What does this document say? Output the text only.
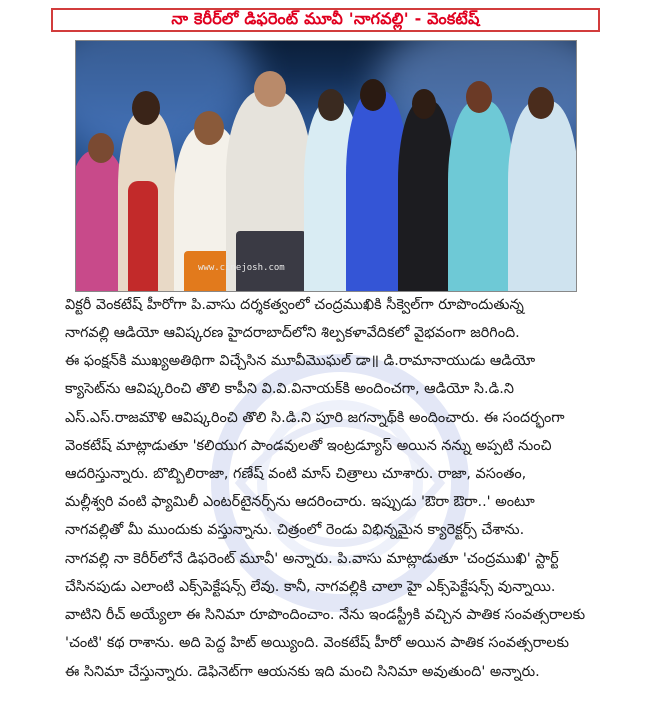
నా కెరీర్‌లో డిఫరెంట్ మూవీ 'నాగవల్లి' - వెంకటేష్
www.cinejosh.com
విక్టరీ వెంకటేష్ హీరోగా పి.వాసు దర్శకత్వంలో చంద్రముఖికి సీక్వెల్‌గా రూపొందుతున్న
నాగవల్లి ఆడియో ఆవిష్కరణ హైదరాబాద్‌లోని శిల్పకళావేదికలో వైభవంగా జరిగింది.
ఈ ఫంక్షన్‌కి ముఖ్యఅతిథిగా విచ్చేసిన మూవీమొఘల్ డా॥ డి.రామానాయుడు ఆడియో
క్యాసెట్‌ను ఆవిష్కరించి తొలి కాపీని వి.వి.వినాయక్‌కి అందించగా, ఆడియో సి.డి.ని
ఎస్.ఎస్.రాజమౌళి ఆవిష్కరించి తొలి సి.డి.ని పూరి జగన్నాథ్‌కి అందించారు. ఈ సందర్భంగా
వెంకటేష్ మాట్లాడుతూ 'కలియుగ పాండవులతో ఇంట్రడ్యూస్ అయిన నన్ను అప్పటి నుంచి
ఆదరిస్తున్నారు. బొబ్బిలిరాజా, గణేష్ వంటి మాస్ చిత్రాలు చూశారు. రాజా, వసంతం,
మల్లీశ్వరి వంటి ఫ్యామిలీ ఎంటర్‌టైనర్స్‌ను ఆదరించారు. ఇప్పుడు 'ఔరా ఔరా..' అంటూ
నాగవల్లితో మీ ముందుకు వస్తున్నాను. చిత్రంలో రెండు విభిన్నమైన క్యారెక్టర్స్ చేశాను.
నాగవల్లి నా కెరీర్‌లోనే డిఫరెంట్ మూవీ' అన్నారు. పి.వాసు మాట్లాడుతూ 'చంద్రముఖి' స్టార్ట్
చేసినపుడు ఎలాంటి ఎక్స్‌పెక్టేషన్స్ లేవు. కానీ, నాగవల్లికి చాలా హై ఎక్స్‌పెక్టేషన్స్ వున్నాయి.
వాటిని రీచ్ అయ్యేలా ఈ సినిమా రూపొందించాం. నేను ఇండస్ట్రీకి వచ్చిన పాతిక సంవత్సరాలకు
'చంటి' కథ రాశాను. అది పెద్ద హిట్ అయ్యింది. వెంకటేష్ హీరో అయిన పాతిక సంవత్సరాలకు
ఈ సినిమా చేస్తున్నారు. డెఫినెట్‌గా ఆయనకు ఇది మంచి సినిమా అవుతుంది' అన్నారు.
